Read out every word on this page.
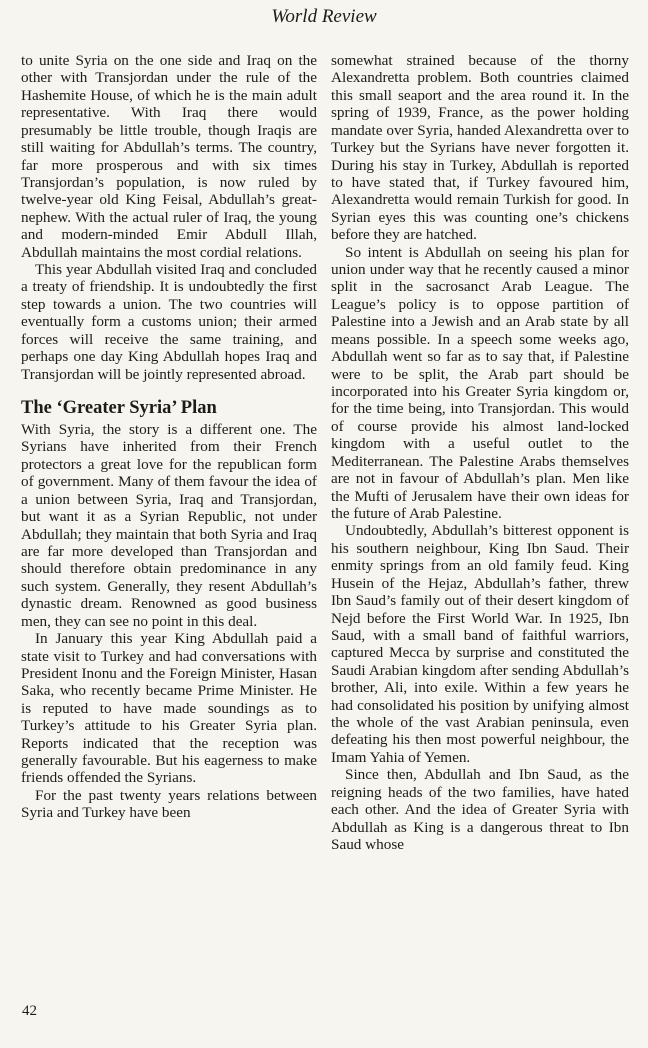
World Review

to unite Syria on the one side and Iraq on the other with Transjordan under the rule of the Hashemite House, of which he is the main adult representative. With Iraq there would presumably be little trouble, though Iraqis are still waiting for Abdullah’s terms. The country, far more prosperous and with six times Transjordan’s population, is now ruled by twelve-year old King Feisal, Abdullah’s great-nephew. With the actual ruler of Iraq, the young and modern-minded Emir Abdull Illah, Abdullah maintains the most cordial relations.

This year Abdullah visited Iraq and concluded a treaty of friendship. It is undoubtedly the first step towards a union. The two countries will eventually form a customs union; their armed forces will receive the same training, and perhaps one day King Abdullah hopes Iraq and Transjordan will be jointly represented abroad.

The ‘Greater Syria’ Plan

With Syria, the story is a different one. The Syrians have inherited from their French protectors a great love for the republican form of government. Many of them favour the idea of a union between Syria, Iraq and Transjordan, but want it as a Syrian Republic, not under Abdullah; they maintain that both Syria and Iraq are far more developed than Transjordan and should therefore obtain predominance in any such system. Generally, they resent Abdullah’s dynastic dream. Renowned as good business men, they can see no point in this deal.

In January this year King Abdullah paid a state visit to Turkey and had conversations with President Inonu and the Foreign Minister, Hasan Saka, who recently became Prime Minister. He is reputed to have made soundings as to Turkey’s attitude to his Greater Syria plan. Reports indicated that the reception was generally favourable. But his eagerness to make friends offended the Syrians.

For the past twenty years relations between Syria and Turkey have been

somewhat strained because of the thorny Alexandretta problem. Both countries claimed this small seaport and the area round it. In the spring of 1939, France, as the power holding mandate over Syria, handed Alexandretta over to Turkey but the Syrians have never forgotten it. During his stay in Turkey, Abdullah is reported to have stated that, if Turkey favoured him, Alexandretta would remain Turkish for good. In Syrian eyes this was counting one’s chickens before they are hatched.

So intent is Abdullah on seeing his plan for union under way that he recently caused a minor split in the sacrosanct Arab League. The League’s policy is to oppose partition of Palestine into a Jewish and an Arab state by all means possible. In a speech some weeks ago, Abdullah went so far as to say that, if Palestine were to be split, the Arab part should be incorporated into his Greater Syria kingdom or, for the time being, into Transjordan. This would of course provide his almost land-locked kingdom with a useful outlet to the Mediterranean. The Palestine Arabs themselves are not in favour of Abdullah’s plan. Men like the Mufti of Jerusalem have their own ideas for the future of Arab Palestine.

Undoubtedly, Abdullah’s bitterest opponent is his southern neighbour, King Ibn Saud. Their enmity springs from an old family feud. King Husein of the Hejaz, Abdullah’s father, threw Ibn Saud’s family out of their desert kingdom of Nejd before the First World War. In 1925, Ibn Saud, with a small band of faithful warriors, captured Mecca by surprise and constituted the Saudi Arabian kingdom after sending Abdullah’s brother, Ali, into exile. Within a few years he had consolidated his position by unifying almost the whole of the vast Arabian peninsula, even defeating his then most powerful neighbour, the Imam Yahia of Yemen.

Since then, Abdullah and Ibn Saud, as the reigning heads of the two families, have hated each other. And the idea of Greater Syria with Abdullah as King is a dangerous threat to Ibn Saud whose

42
